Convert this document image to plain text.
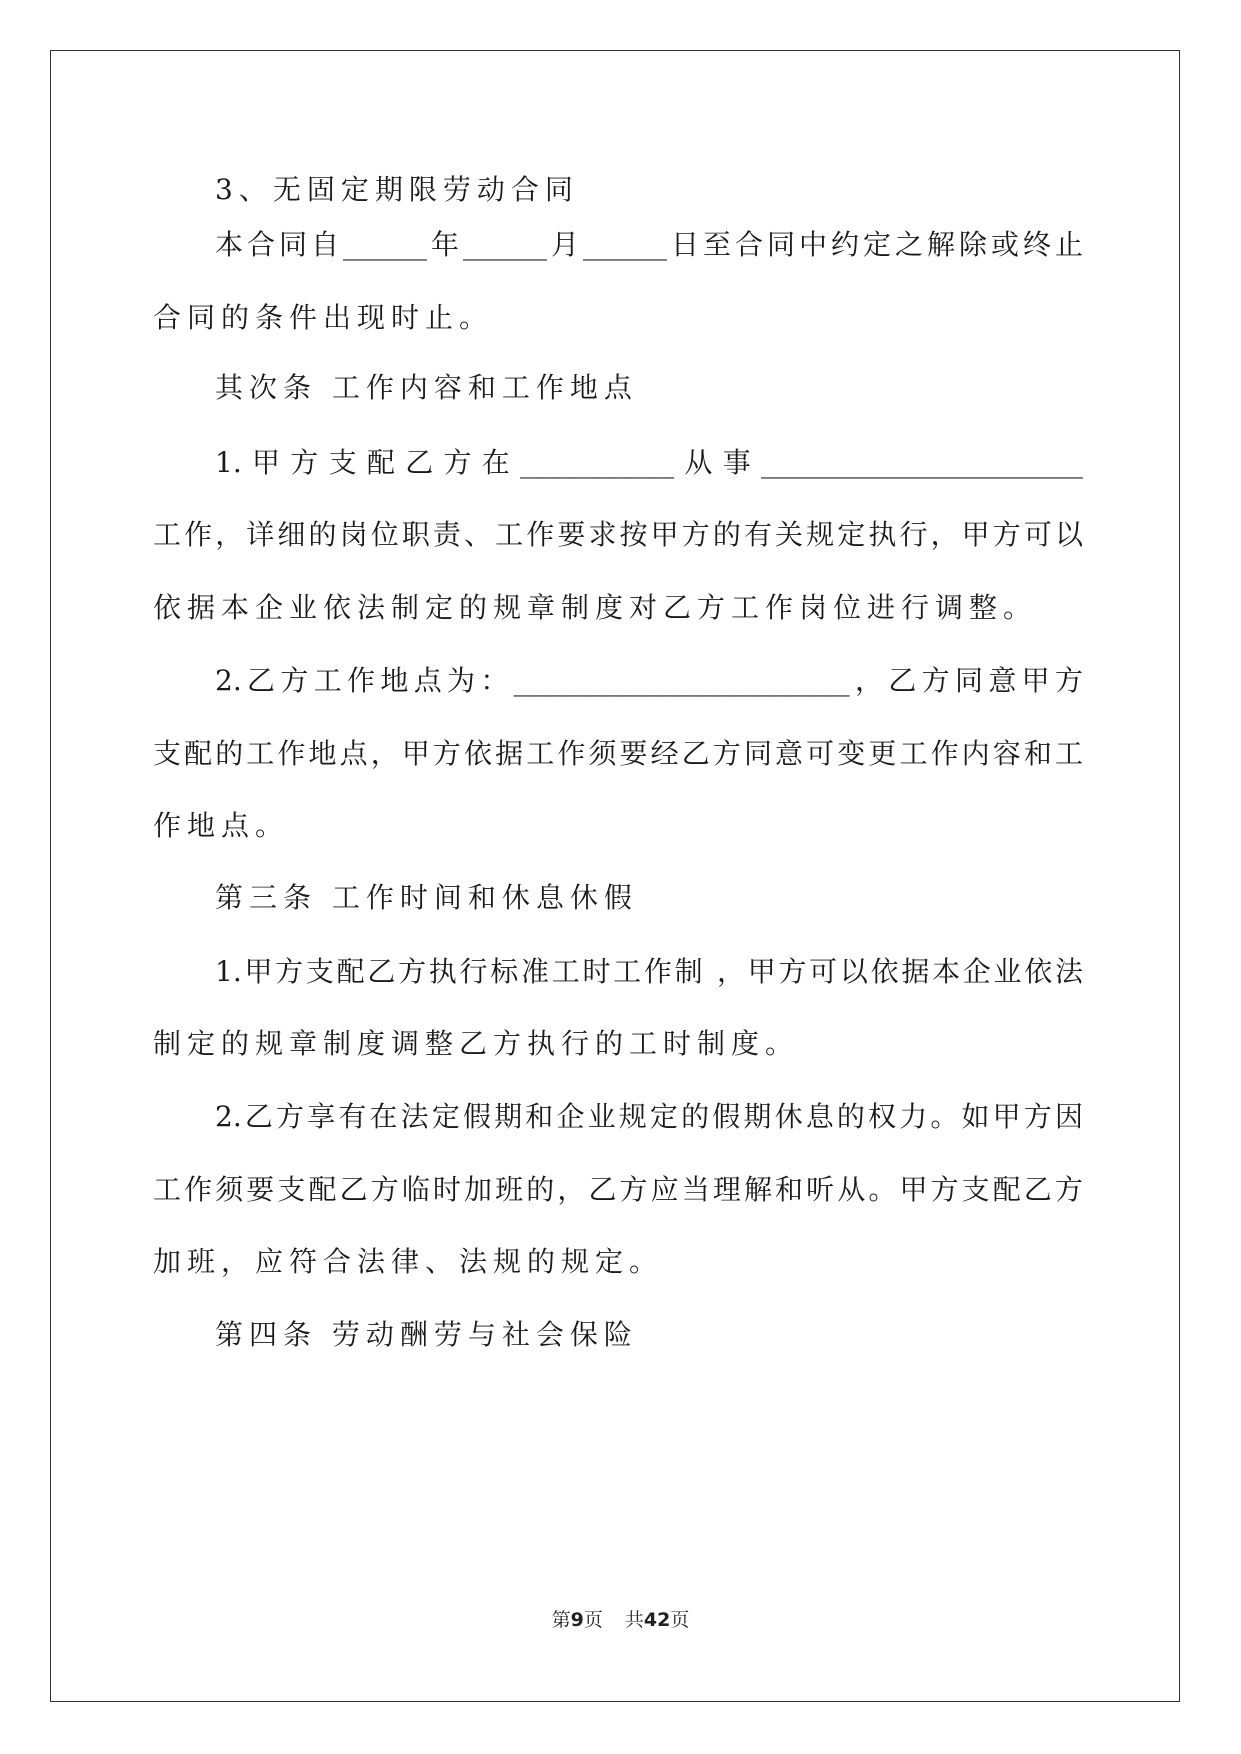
3、无固定期限劳动合同
本合同自______年______月______日至合同中约定之解除或终止
合同的条件出现时止。
其次条 工作内容和工作地点
1.甲方支配乙方在___________从事_______________________
工作，详细的岗位职责、工作要求按甲方的有关规定执行，甲方可以
依据本企业依法制定的规章制度对乙方工作岗位进行调整。
2.乙方工作地点为：________________________，乙方同意甲方
支配的工作地点，甲方依据工作须要经乙方同意可变更工作内容和工
作地点。
第三条 工作时间和休息休假
1.甲方支配乙方执行标准工时工作制 ，甲方可以依据本企业依法
制定的规章制度调整乙方执行的工时制度。
2.乙方享有在法定假期和企业规定的假期休息的权力。如甲方因
工作须要支配乙方临时加班的，乙方应当理解和听从。甲方支配乙方
加班，应符合法律、法规的规定。
第四条 劳动酬劳与社会保险
第9页 共42页
